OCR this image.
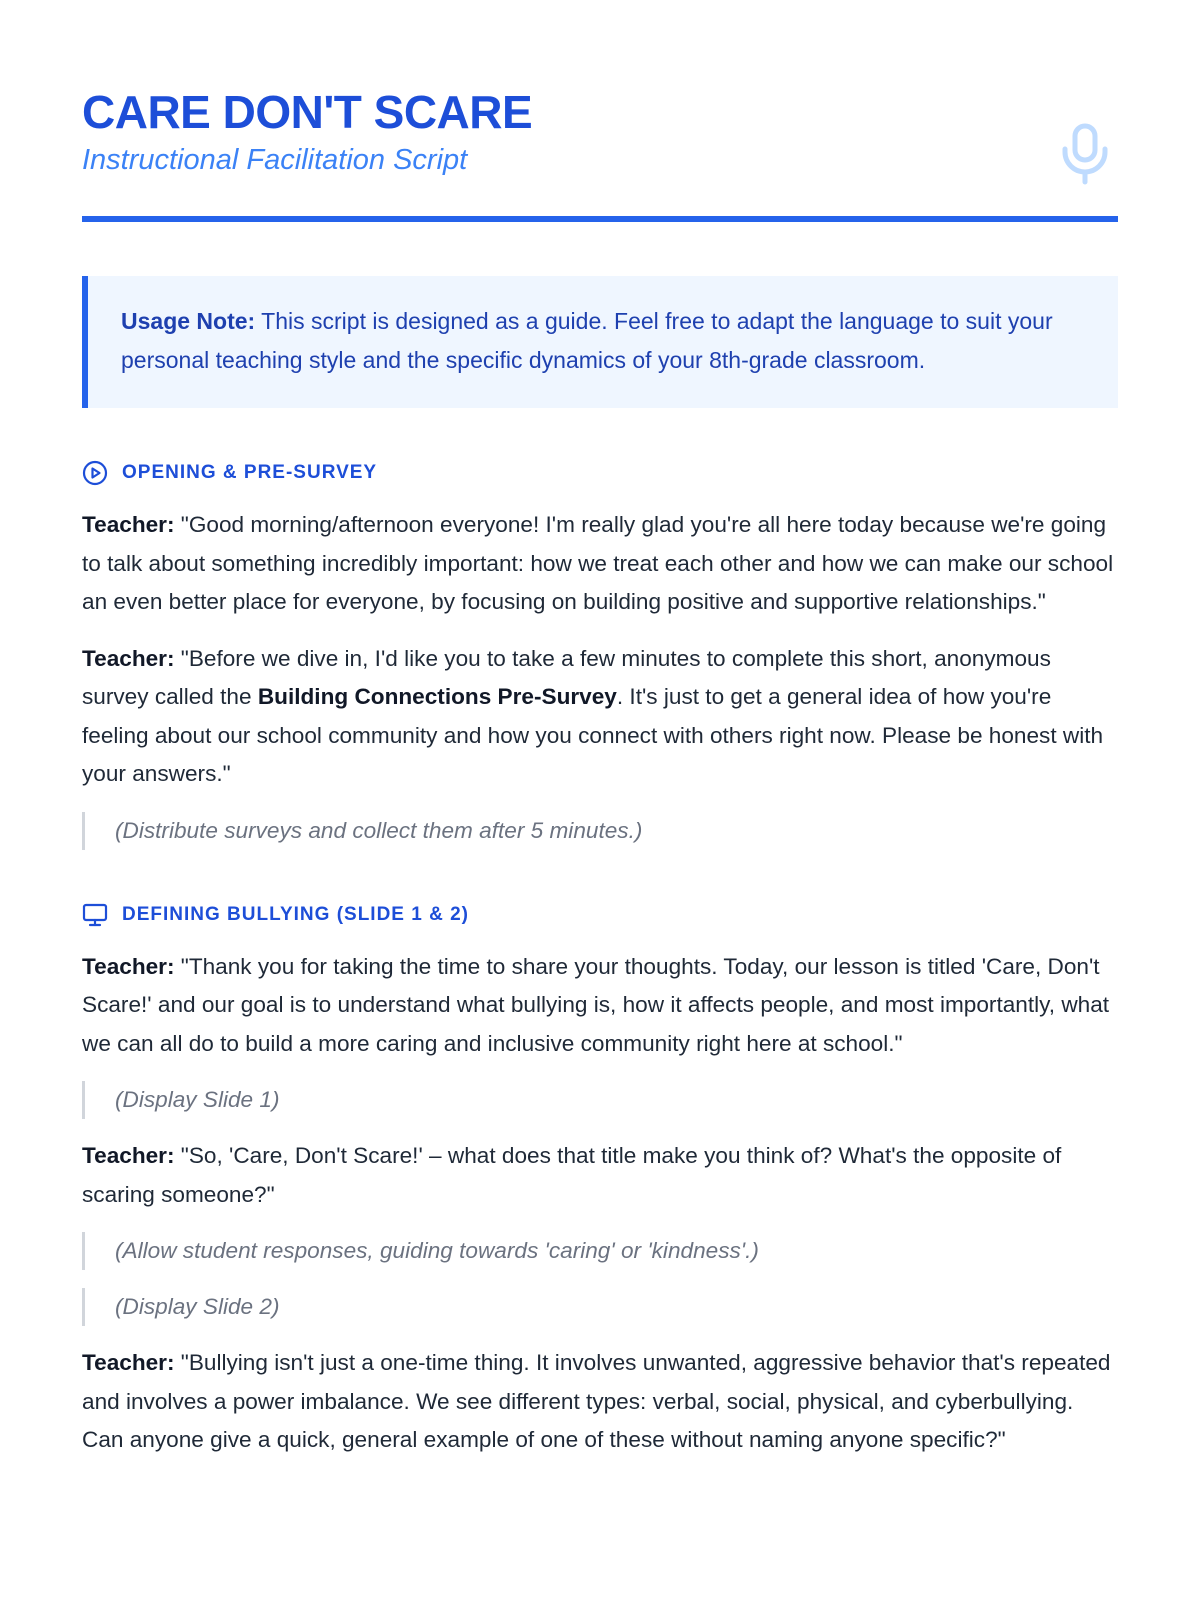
CARE DON'T SCARE
Instructional Facilitation Script
Usage Note: This script is designed as a guide. Feel free to adapt the language to suit your personal teaching style and the specific dynamics of your 8th-grade classroom.
OPENING & PRE-SURVEY

Teacher: "Good morning/afternoon everyone! I'm really glad you're all here today because we're going to talk about something incredibly important: how we treat each other and how we can make our school an even better place for everyone, by focusing on building positive and supportive relationships."

Teacher: "Before we dive in, I'd like you to take a few minutes to complete this short, anonymous survey called the Building Connections Pre-Survey. It's just to get a general idea of how you're feeling about our school community and how you connect with others right now. Please be honest with your answers."

(Distribute surveys and collect them after 5 minutes.)
DEFINING BULLYING (SLIDE 1 & 2)

Teacher: "Thank you for taking the time to share your thoughts. Today, our lesson is titled 'Care, Don't Scare!' and our goal is to understand what bullying is, how it affects people, and most importantly, what we can all do to build a more caring and inclusive community right here at school."

(Display Slide 1)

Teacher: "So, 'Care, Don't Scare!' – what does that title make you think of? What's the opposite of scaring someone?"

(Allow student responses, guiding towards 'caring' or 'kindness'.)
(Display Slide 2)

Teacher: "Bullying isn't just a one-time thing. It involves unwanted, aggressive behavior that's repeated and involves a power imbalance. We see different types: verbal, social, physical, and cyberbullying. Can anyone give a quick, general example of one of these without naming anyone specific?"
